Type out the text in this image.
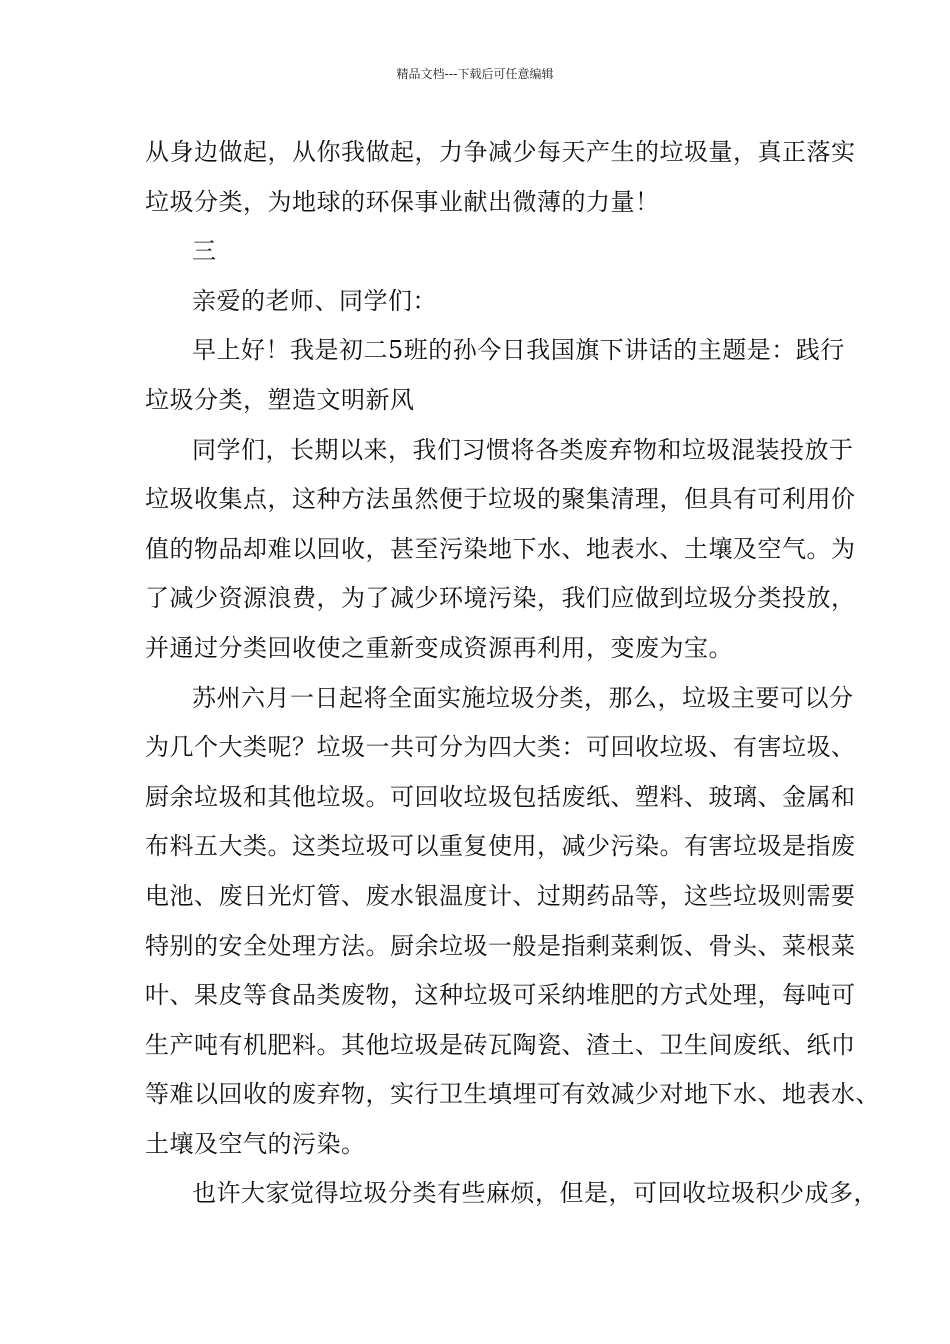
精品文档---下载后可任意编辑
从身边做起，从你我做起，力争减少每天产生的垃圾量，真正落实
垃圾分类，为地球的环保事业献出微薄的力量！
三
亲爱的老师、同学们：
早上好！我是初二5班的孙今日我国旗下讲话的主题是：践行
垃圾分类，塑造文明新风
同学们，长期以来，我们习惯将各类废弃物和垃圾混装投放于
垃圾收集点，这种方法虽然便于垃圾的聚集清理，但具有可利用价
值的物品却难以回收，甚至污染地下水、地表水、土壤及空气。为
了减少资源浪费，为了减少环境污染，我们应做到垃圾分类投放，
并通过分类回收使之重新变成资源再利用，变废为宝。
苏州六月一日起将全面实施垃圾分类，那么，垃圾主要可以分
为几个大类呢？垃圾一共可分为四大类：可回收垃圾、有害垃圾、
厨余垃圾和其他垃圾。可回收垃圾包括废纸、塑料、玻璃、金属和
布料五大类。这类垃圾可以重复使用，减少污染。有害垃圾是指废
电池、废日光灯管、废水银温度计、过期药品等，这些垃圾则需要
特别的安全处理方法。厨余垃圾一般是指剩菜剩饭、骨头、菜根菜
叶、果皮等食品类废物，这种垃圾可采纳堆肥的方式处理，每吨可
生产吨有机肥料。其他垃圾是砖瓦陶瓷、渣土、卫生间废纸、纸巾
等难以回收的废弃物，实行卫生填埋可有效减少对地下水、地表水、
土壤及空气的污染。
也许大家觉得垃圾分类有些麻烦，但是，可回收垃圾积少成多，
